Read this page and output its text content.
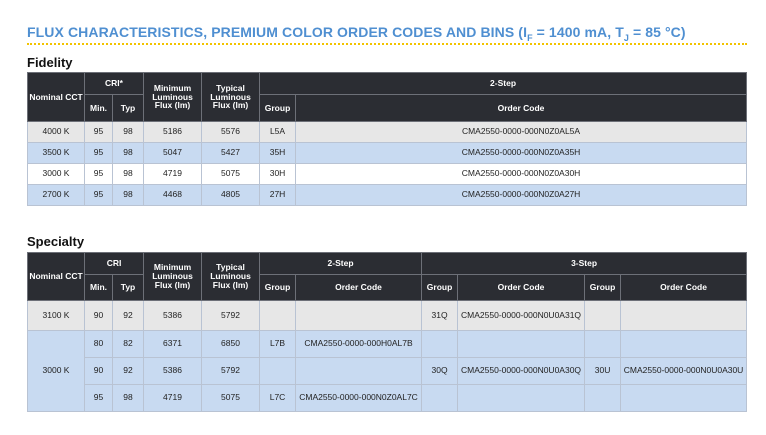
FLUX CHARACTERISTICS, PREMIUM COLOR ORDER CODES AND BINS ($I_F = 1400$ mA, $T_J = 85$ °C)
Fidelity
Nominal CCT	CRI*		Minimum Luminous Flux (lm)	Typical Luminous Flux (lm)	2-Step	
	Min.	Typ			Group	Order Code
4000 K	95	98	5186	5576	L5A	CMA2550-0000-000N0Z0AL5A
3500 K	95	98	5047	5427	35H	CMA2550-0000-000N0Z0A35H
3000 K	95	98	4719	5075	30H	CMA2550-0000-000N0Z0A30H
2700 K	95	98	4468	4805	27H	CMA2550-0000-000N0Z0A27H
Specialty
Nominal CCT	CRI		Minimum Luminous Flux (lm)	Typical Luminous Flux (lm)	2-Step		3-Step			
	Min.	Typ			Group	Order Code	Group	Order Code	Group	Order Code
3100 K	90	92	5386	5792			31Q	CMA2550-0000-000N0U0A31Q		
3000 K	80	82	6371	6850	L7B	CMA2550-0000-000H0AL7B				
	90	92	5386	5792			30Q	CMA2550-0000-000N0U0A30Q	30U	CMA2550-0000-000N0U0A30U
	95	98	4719	5075	L7C	CMA2550-0000-000N0Z0AL7C				
